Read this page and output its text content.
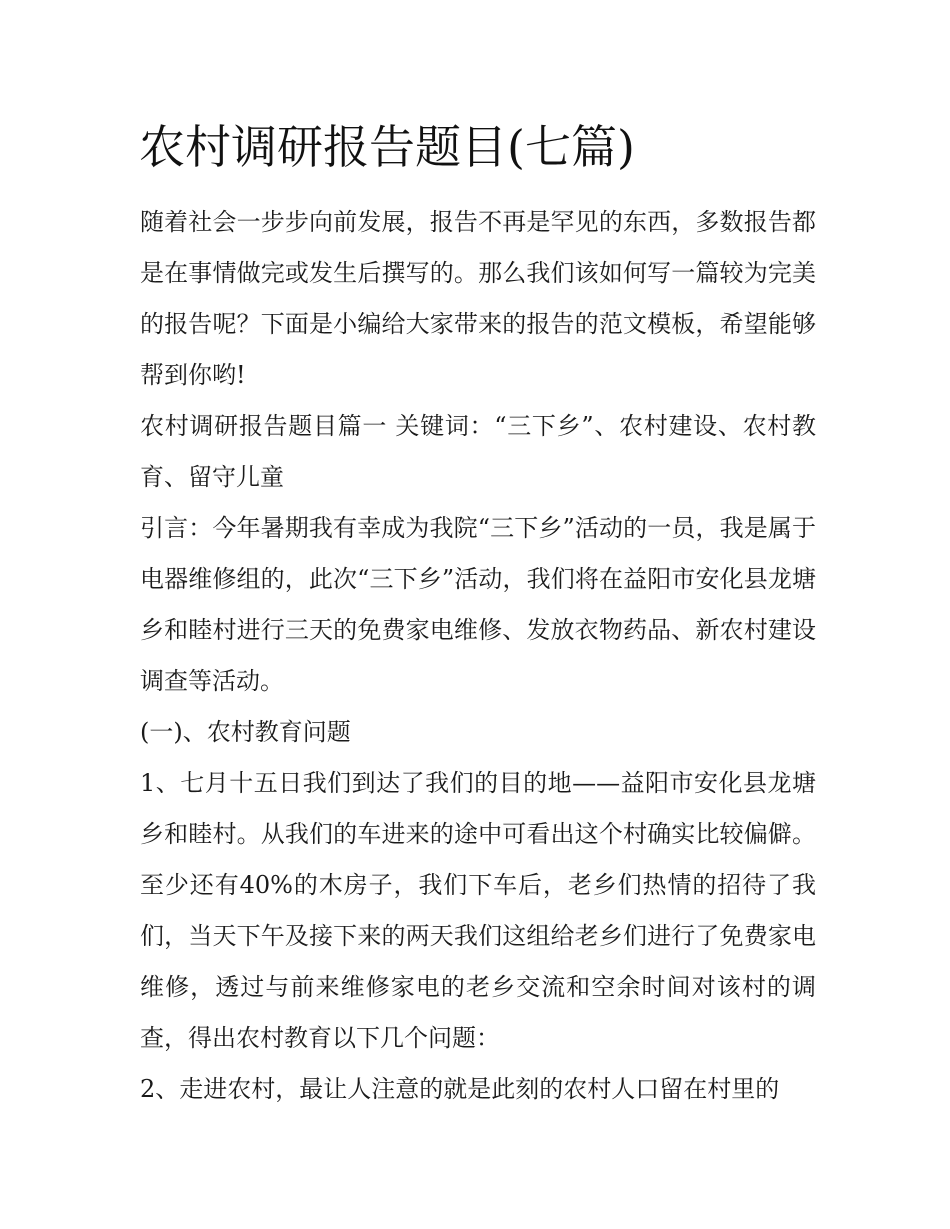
农村调研报告题目(七篇)

随着社会一步步向前发展，报告不再是罕见的东西，多数报告都是在事情做完或发生后撰写的。那么我们该如何写一篇较为完美的报告呢？下面是小编给大家带来的报告的范文模板，希望能够帮到你哟!

农村调研报告题目篇一 关键词：“三下乡”、农村建设、农村教育、留守儿童

引言：今年暑期我有幸成为我院“三下乡”活动的一员，我是属于电器维修组的，此次“三下乡”活动，我们将在益阳市安化县龙塘乡和睦村进行三天的免费家电维修、发放衣物药品、新农村建设调查等活动。

(一)、农村教育问题

1、七月十五日我们到达了我们的目的地——益阳市安化县龙塘乡和睦村。从我们的车进来的途中可看出这个村确实比较偏僻。至少还有40%的木房子，我们下车后，老乡们热情的招待了我们，当天下午及接下来的两天我们这组给老乡们进行了免费家电维修，透过与前来维修家电的老乡交流和空余时间对该村的调查，得出农村教育以下几个问题：

2、走进农村，最让人注意的就是此刻的农村人口留在村里的
